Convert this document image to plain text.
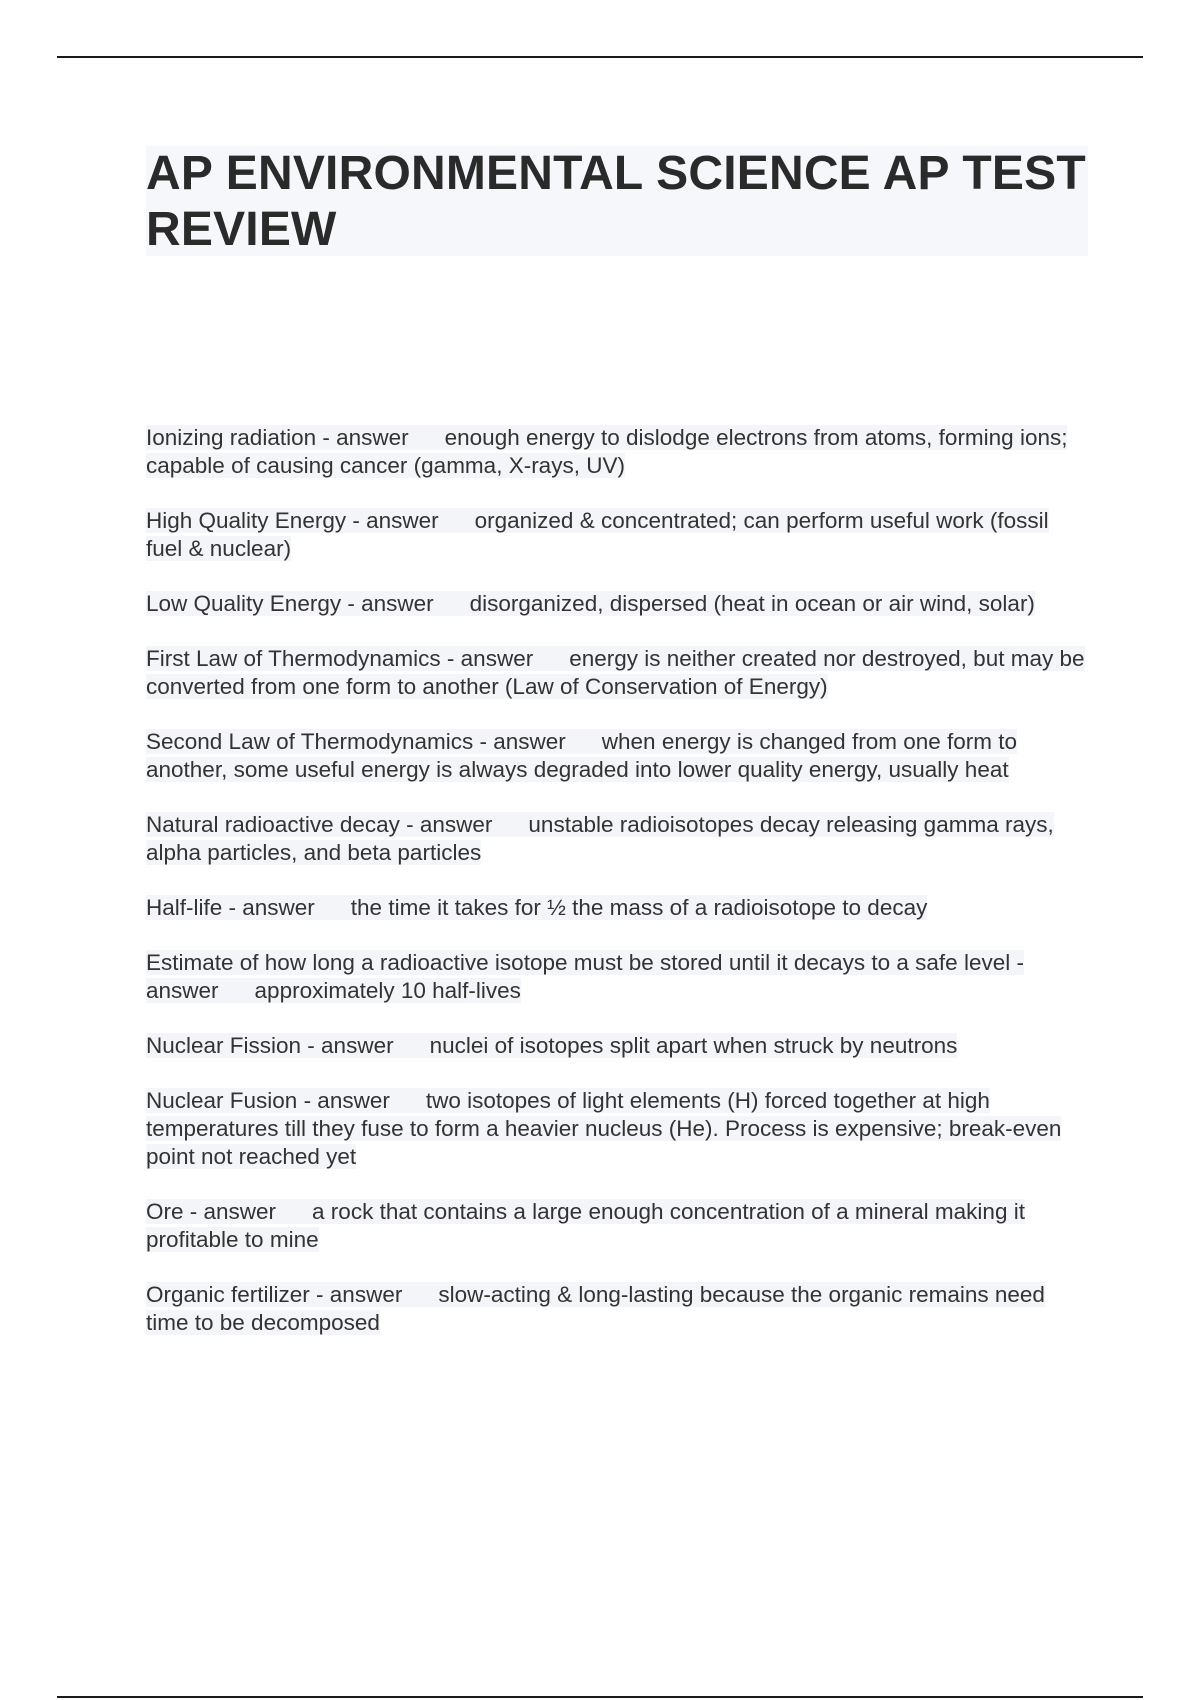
AP ENVIRONMENTAL SCIENCE AP TEST REVIEW

Ionizing radiation - answer enough energy to dislodge electrons from atoms, forming ions; capable of causing cancer (gamma, X-rays, UV)

High Quality Energy - answer organized & concentrated; can perform useful work (fossil fuel & nuclear)

Low Quality Energy - answer disorganized, dispersed (heat in ocean or air wind, solar)

First Law of Thermodynamics - answer energy is neither created nor destroyed, but may be converted from one form to another (Law of Conservation of Energy)

Second Law of Thermodynamics - answer when energy is changed from one form to another, some useful energy is always degraded into lower quality energy, usually heat

Natural radioactive decay - answer unstable radioisotopes decay releasing gamma rays, alpha particles, and beta particles

Half-life - answer the time it takes for ½ the mass of a radioisotope to decay

Estimate of how long a radioactive isotope must be stored until it decays to a safe level - answer approximately 10 half-lives

Nuclear Fission - answer nuclei of isotopes split apart when struck by neutrons

Nuclear Fusion - answer two isotopes of light elements (H) forced together at high temperatures till they fuse to form a heavier nucleus (He). Process is expensive; break-even point not reached yet

Ore - answer a rock that contains a large enough concentration of a mineral making it profitable to mine

Organic fertilizer - answer slow-acting & long-lasting because the organic remains need time to be decomposed
